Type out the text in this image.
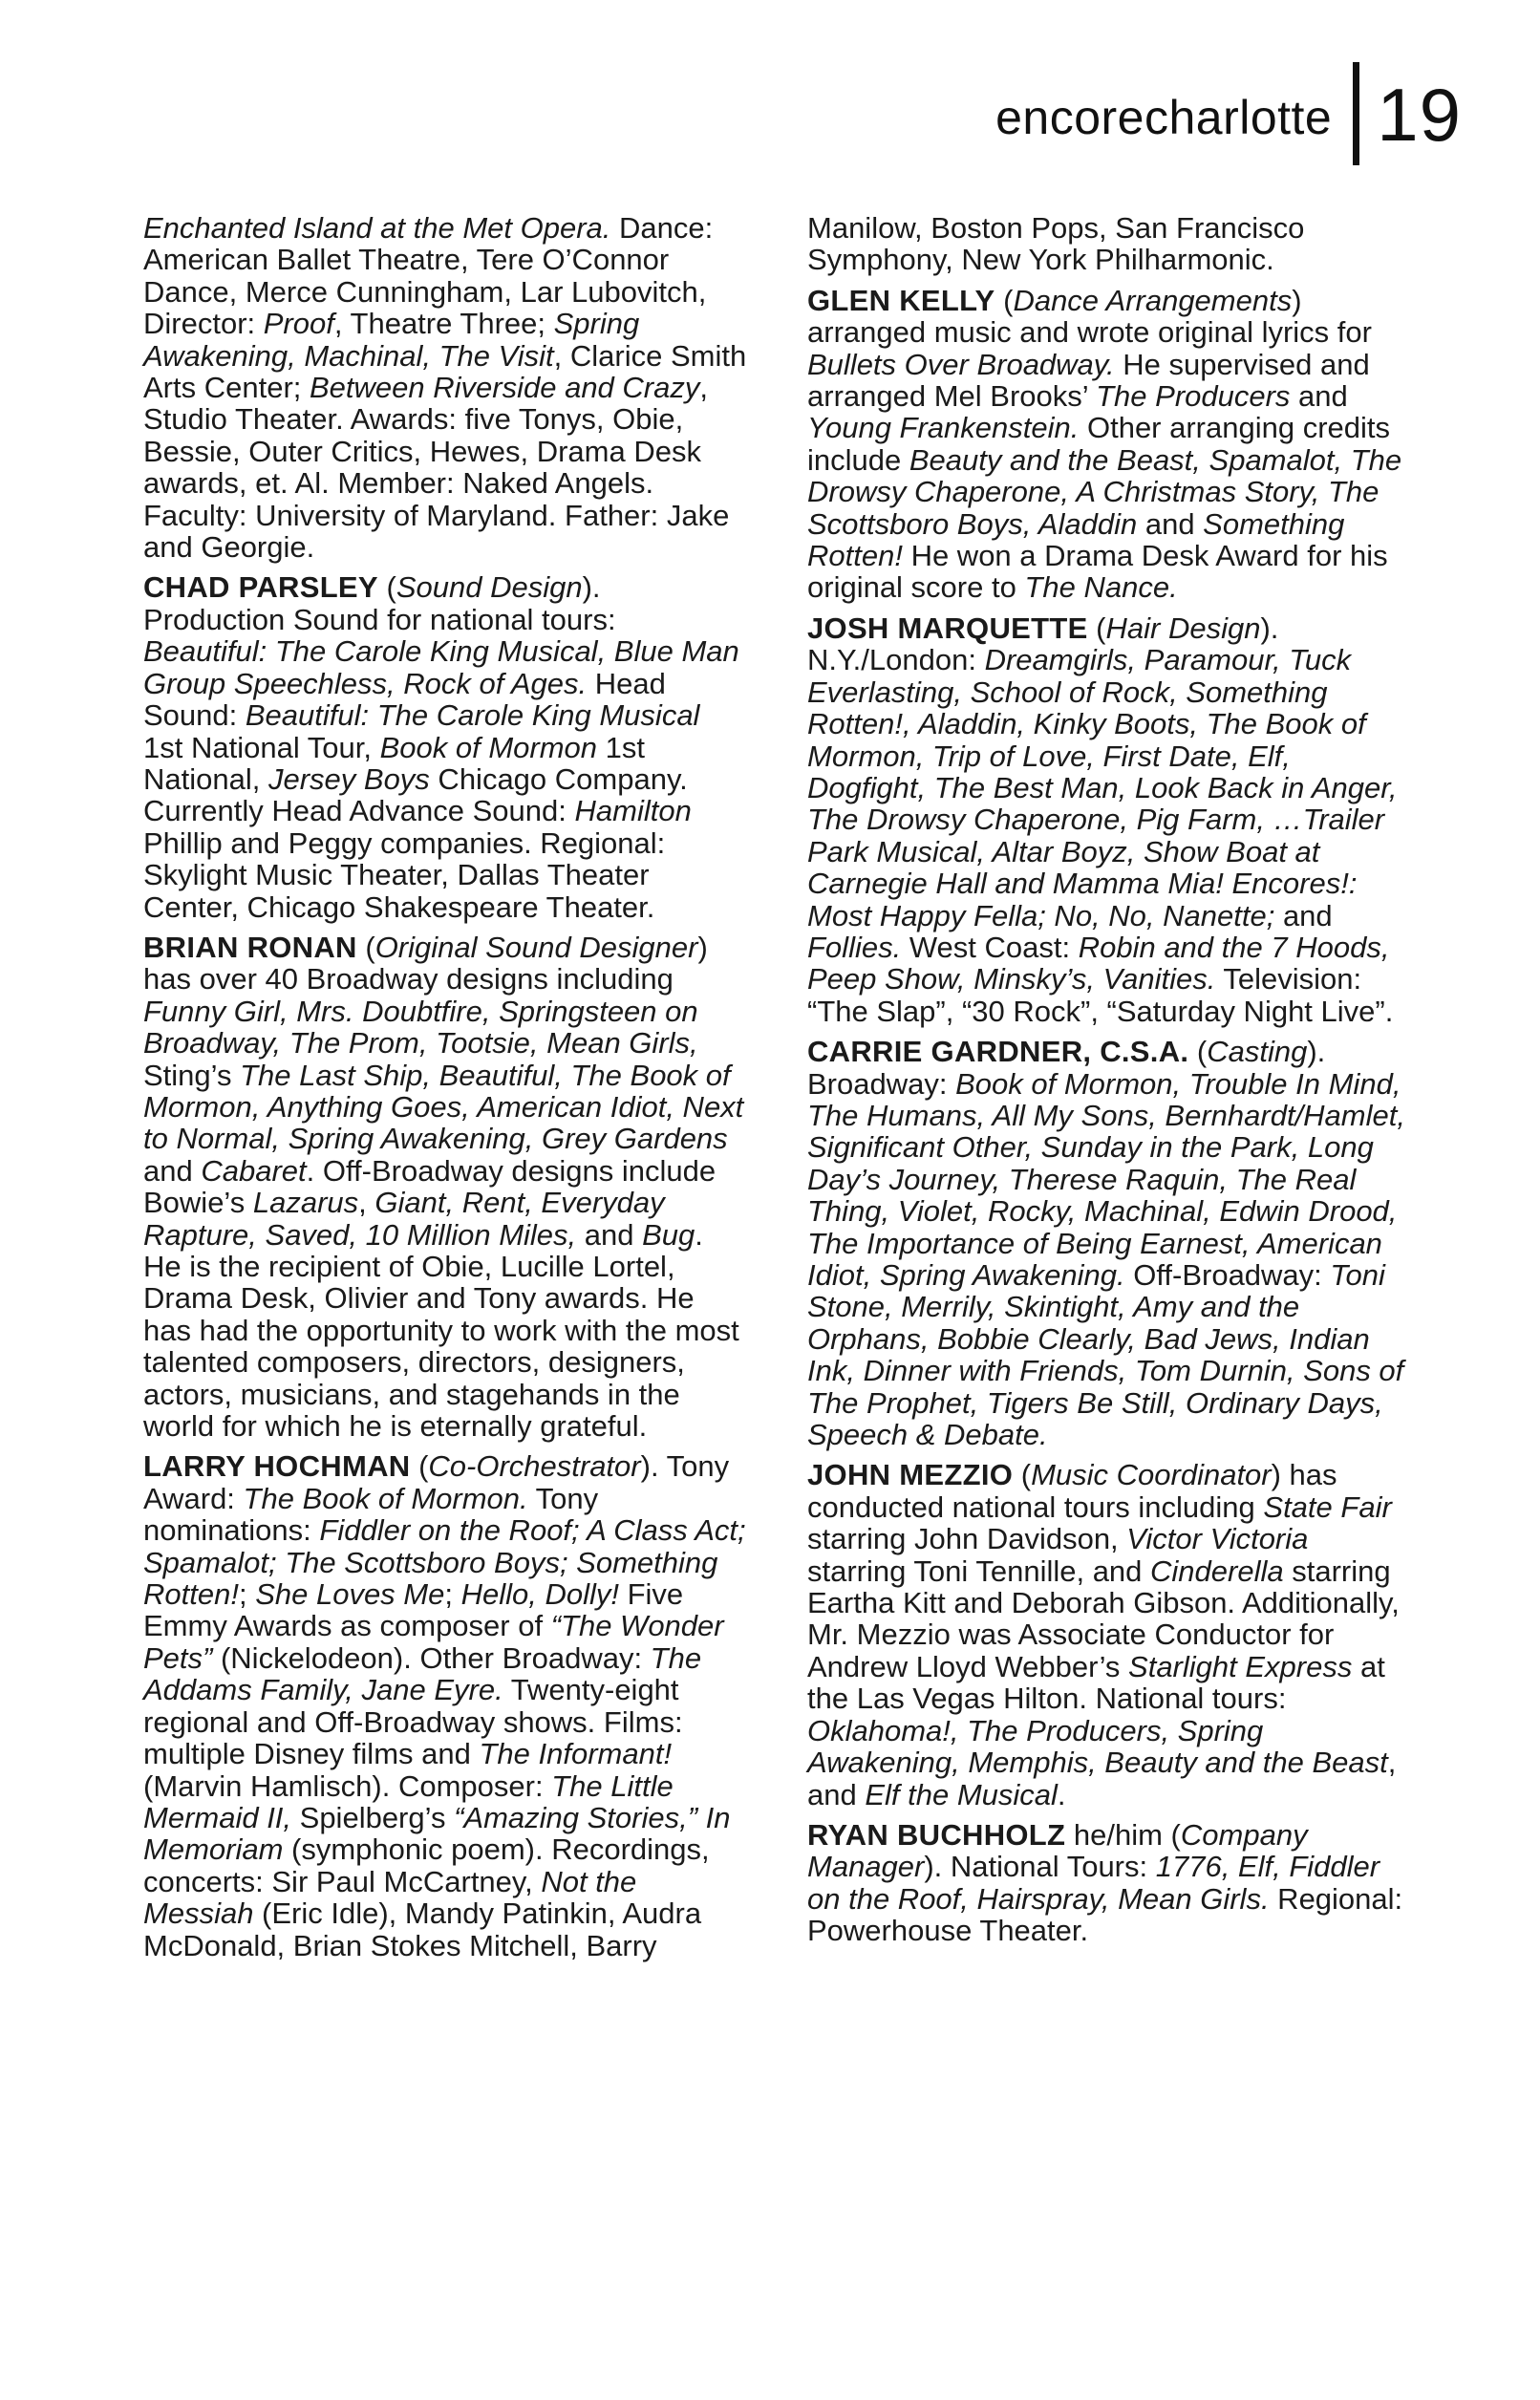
encorecharlotte 19

Enchanted Island at the Met Opera. Dance: American Ballet Theatre, Tere O’Connor Dance, Merce Cunningham, Lar Lubovitch, Director: Proof, Theatre Three; Spring Awakening, Machinal, The Visit, Clarice Smith Arts Center; Between Riverside and Crazy, Studio Theater. Awards: five Tonys, Obie, Bessie, Outer Critics, Hewes, Drama Desk awards, et. Al. Member: Naked Angels. Faculty: University of Maryland. Father: Jake and Georgie.

CHAD PARSLEY (Sound Design). Production Sound for national tours: Beautiful: The Carole King Musical, Blue Man Group Speechless, Rock of Ages. Head Sound: Beautiful: The Carole King Musical 1st National Tour, Book of Mormon 1st National, Jersey Boys Chicago Company. Currently Head Advance Sound: Hamilton Phillip and Peggy companies. Regional: Skylight Music Theater, Dallas Theater Center, Chicago Shakespeare Theater.

BRIAN RONAN (Original Sound Designer) has over 40 Broadway designs including Funny Girl, Mrs. Doubtfire, Springsteen on Broadway, The Prom, Tootsie, Mean Girls, Sting’s The Last Ship, Beautiful, The Book of Mormon, Anything Goes, American Idiot, Next to Normal, Spring Awakening, Grey Gardens and Cabaret. Off-Broadway designs include Bowie’s Lazarus, Giant, Rent, Everyday Rapture, Saved, 10 Million Miles, and Bug. He is the recipient of Obie, Lucille Lortel, Drama Desk, Olivier and Tony awards. He has had the opportunity to work with the most talented composers, directors, designers, actors, musicians, and stagehands in the world for which he is eternally grateful.

LARRY HOCHMAN (Co-Orchestrator). Tony Award: The Book of Mormon. Tony nominations: Fiddler on the Roof; A Class Act; Spamalot; The Scottsboro Boys; Something Rotten!; She Loves Me; Hello, Dolly! Five Emmy Awards as composer of “The Wonder Pets” (Nickelodeon). Other Broadway: The Addams Family, Jane Eyre. Twenty-eight regional and Off-Broadway shows. Films: multiple Disney films and The Informant! (Marvin Hamlisch). Composer: The Little Mermaid II, Spielberg’s “Amazing Stories,” In Memoriam (symphonic poem). Recordings, concerts: Sir Paul McCartney, Not the Messiah (Eric Idle), Mandy Patinkin, Audra McDonald, Brian Stokes Mitchell, Barry

Manilow, Boston Pops, San Francisco Symphony, New York Philharmonic.

GLEN KELLY (Dance Arrangements) arranged music and wrote original lyrics for Bullets Over Broadway. He supervised and arranged Mel Brooks’ The Producers and Young Frankenstein. Other arranging credits include Beauty and the Beast, Spamalot, The Drowsy Chaperone, A Christmas Story, The Scottsboro Boys, Aladdin and Something Rotten! He won a Drama Desk Award for his original score to The Nance.

JOSH MARQUETTE (Hair Design). N.Y./London: Dreamgirls, Paramour, Tuck Everlasting, School of Rock, Something Rotten!, Aladdin, Kinky Boots, The Book of Mormon, Trip of Love, First Date, Elf, Dogfight, The Best Man, Look Back in Anger, The Drowsy Chaperone, Pig Farm, …Trailer Park Musical, Altar Boyz, Show Boat at Carnegie Hall and Mamma Mia! Encores!: Most Happy Fella; No, No, Nanette; and Follies. West Coast: Robin and the 7 Hoods, Peep Show, Minsky’s, Vanities. Television: “The Slap”, “30 Rock”, “Saturday Night Live”.

CARRIE GARDNER, C.S.A. (Casting). Broadway: Book of Mormon, Trouble In Mind, The Humans, All My Sons, Bernhardt/Hamlet, Significant Other, Sunday in the Park, Long Day’s Journey, Therese Raquin, The Real Thing, Violet, Rocky, Machinal, Edwin Drood, The Importance of Being Earnest, American Idiot, Spring Awakening. Off-Broadway: Toni Stone, Merrily, Skintight, Amy and the Orphans, Bobbie Clearly, Bad Jews, Indian Ink, Dinner with Friends, Tom Durnin, Sons of The Prophet, Tigers Be Still, Ordinary Days, Speech & Debate.

JOHN MEZZIO (Music Coordinator) has conducted national tours including State Fair starring John Davidson, Victor Victoria starring Toni Tennille, and Cinderella starring Eartha Kitt and Deborah Gibson. Additionally, Mr. Mezzio was Associate Conductor for Andrew Lloyd Webber’s Starlight Express at the Las Vegas Hilton. National tours: Oklahoma!, The Producers, Spring Awakening, Memphis, Beauty and the Beast, and Elf the Musical.

RYAN BUCHHOLZ he/him (Company Manager). National Tours: 1776, Elf, Fiddler on the Roof, Hairspray, Mean Girls. Regional: Powerhouse Theater.
